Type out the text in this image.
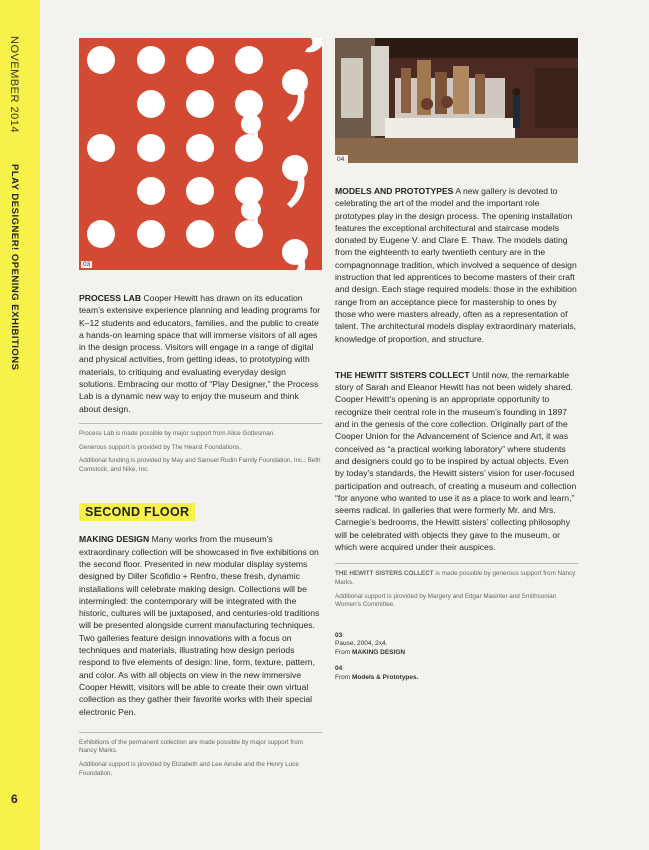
NOVEMBER 2014
PLAY DESIGNER! OPENING EXHIBITIONS
6
03

PROCESS LAB Cooper Hewitt has drawn on its education team’s extensive experience planning and leading programs for K–12 students and educators, families, and the public to create a hands-on learning space that will immerse visitors of all ages in the design process. Visitors will engage in a range of digital and physical activities, from getting ideas, to prototyping with materials, to critiquing and evaluating everyday design solutions. Embracing our motto of “Play Designer,” the Process Lab is a dynamic new way to enjoy the museum and think about design.

Process Lab is made possible by major support from Alice Gottesman.

Generous support is provided by The Hearst Foundations.

Additional funding is provided by May and Samuel Rudin Family Foundation, Inc., Beth Comstock, and Nike, Inc.

SECOND FLOOR

MAKING DESIGN Many works from the museum’s extraordinary collection will be showcased in five exhibitions on the second floor. Presented in new modular display systems designed by Diller Scofidio + Renfro, these fresh, dynamic installations will celebrate making design. Collections will be intermingled: the contemporary will be integrated with the historic, cultures will be juxtaposed, and centuries-old traditions will be presented alongside current manufacturing techniques. Two galleries feature design innovations with a focus on techniques and materials, illustrating how design periods respond to five elements of design: line, form, texture, pattern, and color. As with all objects on view in the new immersive Cooper Hewitt, visitors will be able to create their own virtual collection as they gather their favorite works with their special electronic Pen.

Exhibitions of the permanent collection are made possible by major support from Nancy Marks.

Additional support is provided by Elizabeth and Lee Ainslie and the Henry Luce Foundation.

04

MODELS AND PROTOTYPES A new gallery is devoted to celebrating the art of the model and the important role prototypes play in the design process. The opening installation features the exceptional architectural and staircase models donated by Eugene V. and Clare E. Thaw. The models dating from the eighteenth to early twentieth century are in the compagnonnage tradition, which involved a sequence of design instruction that led apprentices to become masters of their craft and design. Each stage required models: those in the exhibition range from an acceptance piece for mastership to ones by those who were masters already, often as a representation of talent. The architectural models display extraordinary materials, knowledge of proportion, and structure.

THE HEWITT SISTERS COLLECT Until now, the remarkable story of Sarah and Eleanor Hewitt has not been widely shared. Cooper Hewitt’s opening is an appropriate opportunity to recognize their central role in the museum’s founding in 1897 and in the genesis of the core collection. Originally part of the Cooper Union for the Advancement of Science and Art, it was conceived as “a practical working laboratory” where students and designers could go to be inspired by actual objects. Even by today’s standards, the Hewitt sisters’ vision for user-focused participation and outreach, of creating a museum and collection “for anyone who wanted to use it as a place to work and learn,” seems radical. In galleries that were formerly Mr. and Mrs. Carnegie’s bedrooms, the Hewitt sisters’ collecting philosophy will be celebrated with objects they gave to the museum, or which were acquired under their auspices.

THE HEWITT SISTERS COLLECT is made possible by generous support from Nancy Marks.

Additional support is provided by Margery and Edgar Masinter and Smithsonian Women’s Committee.

03

Pause, 2004, 2x4.

From MAKING DESIGN

04

From Models & Prototypes.
